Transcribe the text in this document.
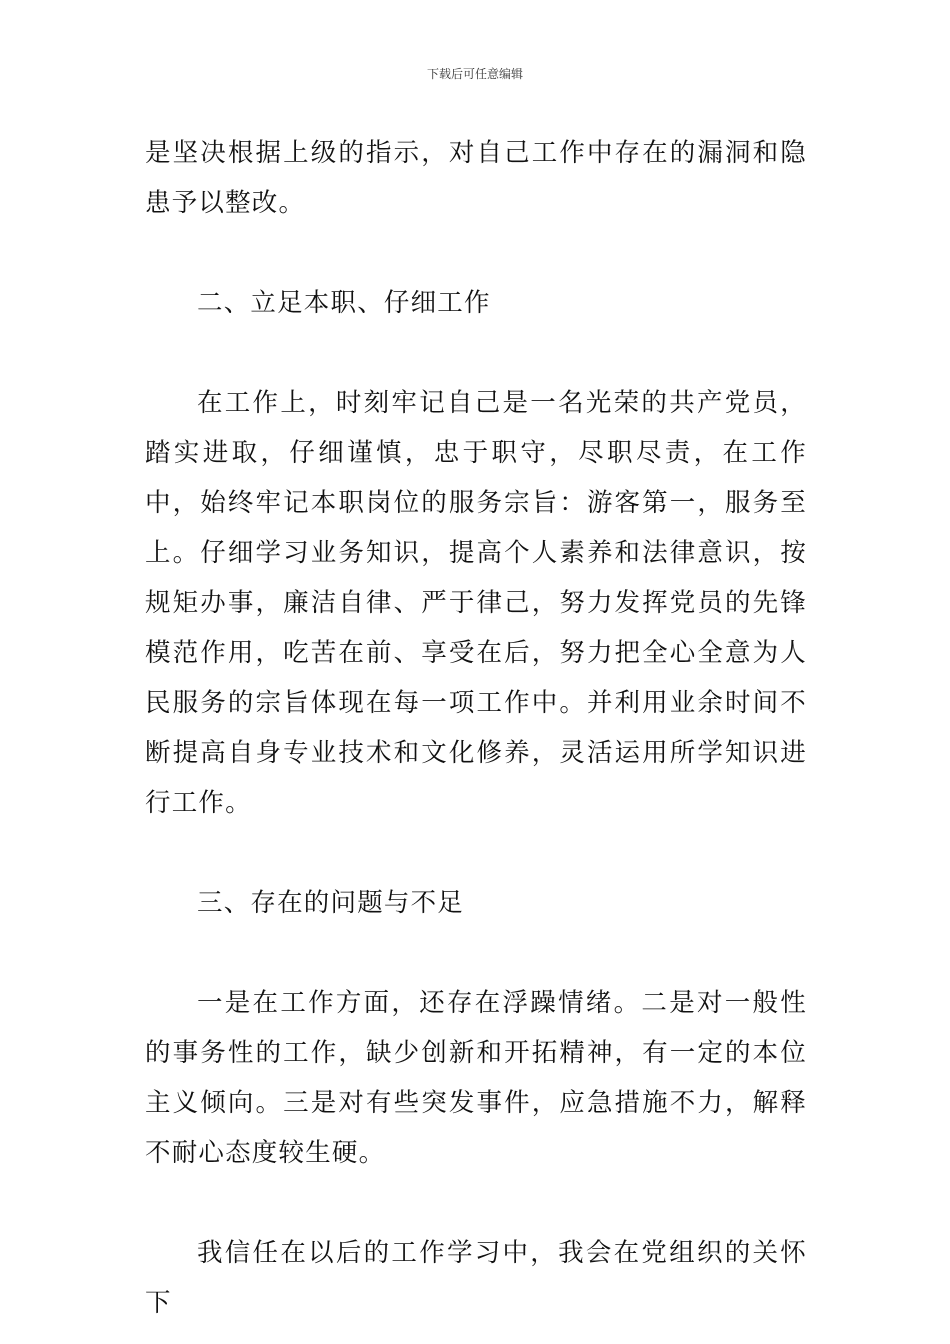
下载后可任意编辑

是坚决根据上级的指示，对自己工作中存在的漏洞和隐患予以整改。

二、立足本职、仔细工作

在工作上，时刻牢记自己是一名光荣的共产党员，踏实进取，仔细谨慎，忠于职守，尽职尽责，在工作中，始终牢记本职岗位的服务宗旨：游客第一，服务至上。仔细学习业务知识，提高个人素养和法律意识，按规矩办事，廉洁自律、严于律己，努力发挥党员的先锋模范作用，吃苦在前、享受在后，努力把全心全意为人民服务的宗旨体现在每一项工作中。并利用业余时间不断提高自身专业技术和文化修养，灵活运用所学知识进行工作。

三、存在的问题与不足

一是在工作方面，还存在浮躁情绪。二是对一般性的事务性的工作，缺少创新和开拓精神，有一定的本位主义倾向。三是对有些突发事件，应急措施不力，解释不耐心态度较生硬。

我信任在以后的工作学习中，我会在党组织的关怀下
